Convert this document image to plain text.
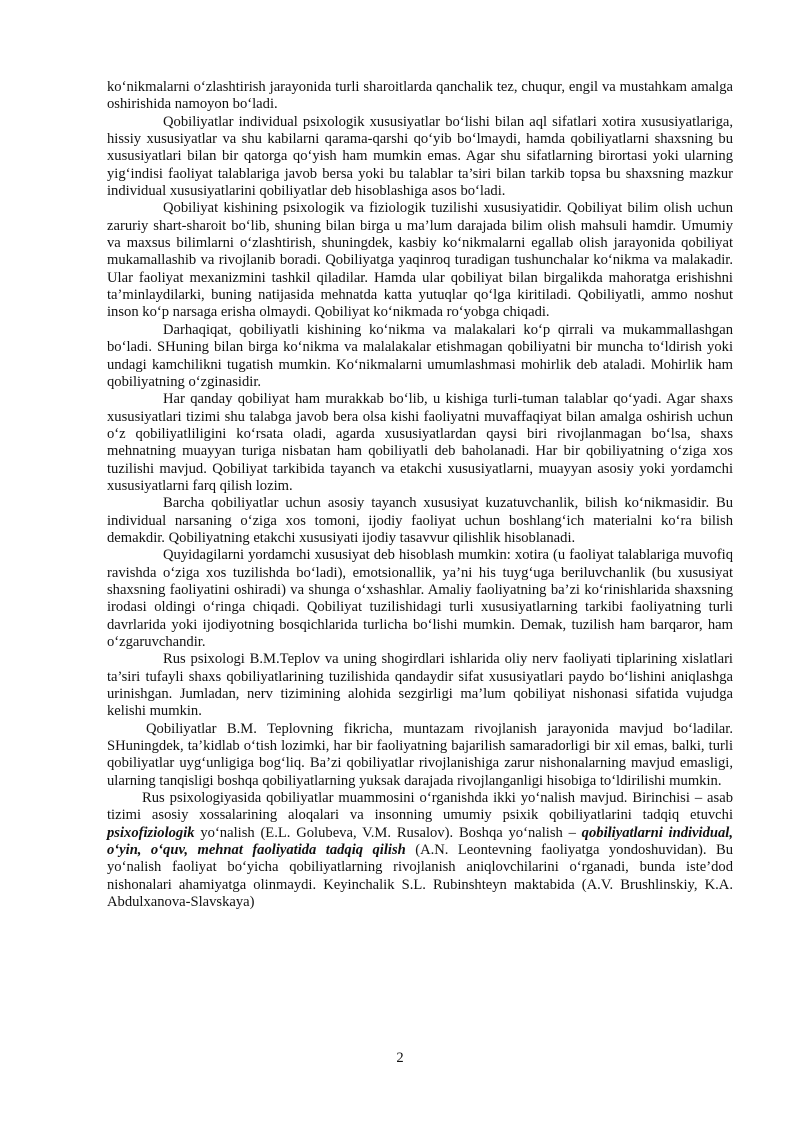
ko‘nikmalarni o‘zlashtirish jarayonida turli sharoitlarda qanchalik tez, chuqur, engil va mustahkam amalga oshirishida namoyon bo‘ladi.

Qobiliyatlar individual psixologik xususiyatlar bo‘lishi bilan aql sifatlari xotira xususiyatlariga, hissiy xususiyatlar va shu kabilarni qarama-qarshi qo‘yib bo‘lmaydi, hamda qobiliyatlarni shaxsning bu xususiyatlari bilan bir qatorga qo‘yish ham mumkin emas. Agar shu sifatlarning birortasi yoki ularning yig‘indisi faoliyat talablariga javob bersa yoki bu talablar ta’siri bilan tarkib topsa bu shaxsning mazkur individual xususiyatlarini qobiliyatlar deb hisoblashiga asos bo‘ladi.

Qobiliyat kishining psixologik va fiziologik tuzilishi xususiyatidir. Qobiliyat bilim olish uchun zaruriy shart-sharoit bo‘lib, shuning bilan birga u ma’lum darajada bilim olish mahsuli hamdir. Umumiy va maxsus bilimlarni o‘zlashtirish, shuningdek, kasbiy ko‘nikmalarni egallab olish jarayonida qobiliyat mukamallashib va rivojlanib boradi. Qobiliyatga yaqinroq turadigan tushunchalar ko‘nikma va malakadir. Ular faoliyat mexanizmini tashkil qiladilar. Hamda ular qobiliyat bilan birgalikda mahoratga erishishni ta’minlaydilarki, buning natijasida mehnatda katta yutuqlar qo‘lga kiritiladi. Qobiliyatli, ammo noshut inson ko‘p narsaga erisha olmaydi. Qobiliyat ko‘nikmada ro‘yobga chiqadi.

Darhaqiqat, qobiliyatli kishining ko‘nikma va malakalari ko‘p qirrali va mukammallashgan bo‘ladi. SHuning bilan birga ko‘nikma va malalakalar etishmagan qobiliyatni bir muncha to‘ldirish yoki undagi kamchilikni tugatish mumkin. Ko‘nikmalarni umumlashmasi mohirlik deb ataladi. Mohirlik ham qobiliyatning o‘zginasidir.

Har qanday qobiliyat ham murakkab bo‘lib, u kishiga turli-tuman talablar qo‘yadi. Agar shaxs xususiyatlari tizimi shu talabga javob bera olsa kishi faoliyatni muvaffaqiyat bilan amalga oshirish uchun o‘z qobiliyatliligini ko‘rsata oladi, agarda xususiyatlardan qaysi biri rivojlanmagan bo‘lsa, shaxs mehnatning muayyan turiga nisbatan ham qobiliyatli deb baholanadi. Har bir qobiliyatning o‘ziga xos tuzilishi mavjud. Qobiliyat tarkibida tayanch va etakchi xususiyatlarni, muayyan asosiy yoki yordamchi xususiyatlarni farq qilish lozim.

Barcha qobiliyatlar uchun asosiy tayanch xususiyat kuzatuvchanlik, bilish ko‘nikmasidir. Bu individual narsaning o‘ziga xos tomoni, ijodiy faoliyat uchun boshlang‘ich materialni ko‘ra bilish demakdir. Qobiliyatning etakchi xususiyati ijodiy tasavvur qilishlik hisoblanadi.

Quyidagilarni yordamchi xususiyat deb hisoblash mumkin: xotira (u faoliyat talablariga muvofiq ravishda o‘ziga xos tuzilishda bo‘ladi), emotsionallik, ya’ni his tuyg‘uga beriluvchanlik (bu xususiyat shaxsning faoliyatini oshiradi) va shunga o‘xshashlar. Amaliy faoliyatning ba’zi ko‘rinishlarida shaxsning irodasi oldingi o‘ringa chiqadi. Qobiliyat tuzilishidagi turli xususiyatlarning tarkibi faoliyatning turli davrlarida yoki ijodiyotning bosqichlarida turlicha bo‘lishi mumkin. Demak, tuzilish ham barqaror, ham o‘zgaruvchandir.

Rus psixologi B.M.Teplov va uning shogirdlari ishlarida oliy nerv faoliyati tiplarining xislatlari ta’siri tufayli shaxs qobiliyatlarining tuzilishida qandaydir sifat xususiyatlari paydo bo‘lishini aniqlashga urinishgan. Jumladan, nerv tizimining alohida sezgirligi ma’lum qobiliyat nishonasi sifatida vujudga kelishi mumkin.

Qobiliyatlar B.M. Teplovning fikricha, muntazam rivojlanish jarayonida mavjud bo‘ladilar. SHuningdek, ta’kidlab o‘tish lozimki, har bir faoliyatning bajarilish samaradorligi bir xil emas, balki, turli qobiliyatlar uyg‘unligiga bog‘liq. Ba’zi qobiliyatlar rivojlanishiga zarur nishonalarning mavjud emasligi, ularning tanqisligi boshqa qobiliyatlarning yuksak darajada rivojlanganligi hisobiga to‘ldirilishi mumkin.

Rus psixologiyasida qobiliyatlar muammosini o‘rganishda ikki yo‘nalish mavjud. Birinchisi – asab tizimi asosiy xossalarining aloqalari va insonning umumiy psixik qobiliyatlarini tadqiq etuvchi psixofiziologik yo‘nalish (E.L. Golubeva, V.M. Rusalov). Boshqa yo‘nalish – qobiliyatlarni individual, o‘yin, o‘quv, mehnat faoliyatida tadqiq qilish (A.N. Leontevning faoliyatga yondoshuvidan). Bu yo‘nalish faoliyat bo‘yicha qobiliyatlarning rivojlanish aniqlovchilarini o‘rganadi, bunda iste’dod nishonalari ahamiyatga olinmaydi. Keyinchalik S.L. Rubinshteyn maktabida (A.V. Brushlinskiy, K.A. Abdulxanova-Slavskaya)

2
